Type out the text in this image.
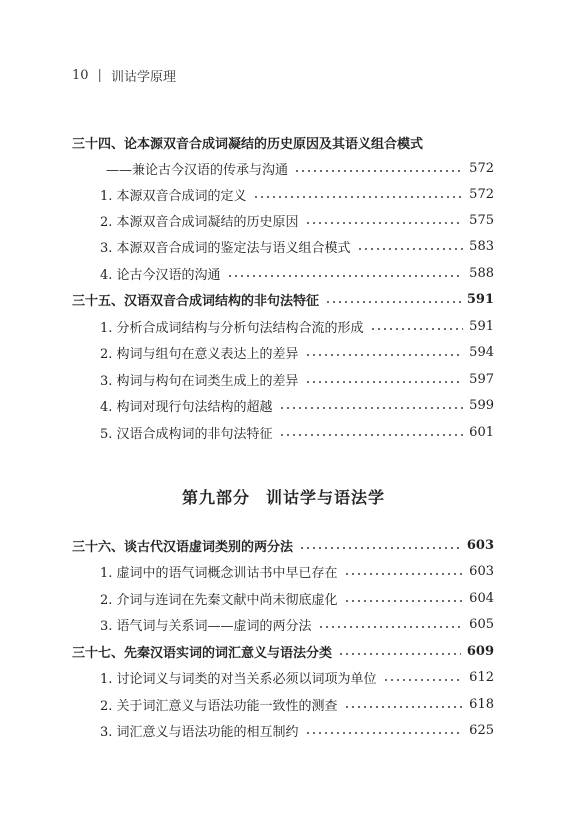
10 | 训诂学原理
三十四、论本源双音合成词凝结的历史原因及其语义组合模式
——兼论古今汉语的传承与沟通	572
1. 本源双音合成词的定义	572
2. 本源双音合成词凝结的历史原因	575
3. 本源双音合成词的鉴定法与语义组合模式	583
4. 论古今汉语的沟通	588
三十五、汉语双音合成词结构的非句法特征	591
1. 分析合成词结构与分析句法结构合流的形成	591
2. 构词与组句在意义表达上的差异	594
3. 构词与构句在词类生成上的差异	597
4. 构词对现行句法结构的超越	599
5. 汉语合成构词的非句法特征	601
三十六、谈古代汉语虚词类别的两分法	603
1. 虚词中的语气词概念训诂书中早已存在	603
2. 介词与连词在先秦文献中尚未彻底虚化	604
3. 语气词与关系词——虚词的两分法	605
三十七、先秦汉语实词的词汇意义与语法分类	609
1. 讨论词义与词类的对当关系必须以词项为单位	612
2. 关于词汇意义与语法功能一致性的测查	618
3. 词汇意义与语法功能的相互制约	625
第九部分 训诂学与语法学
